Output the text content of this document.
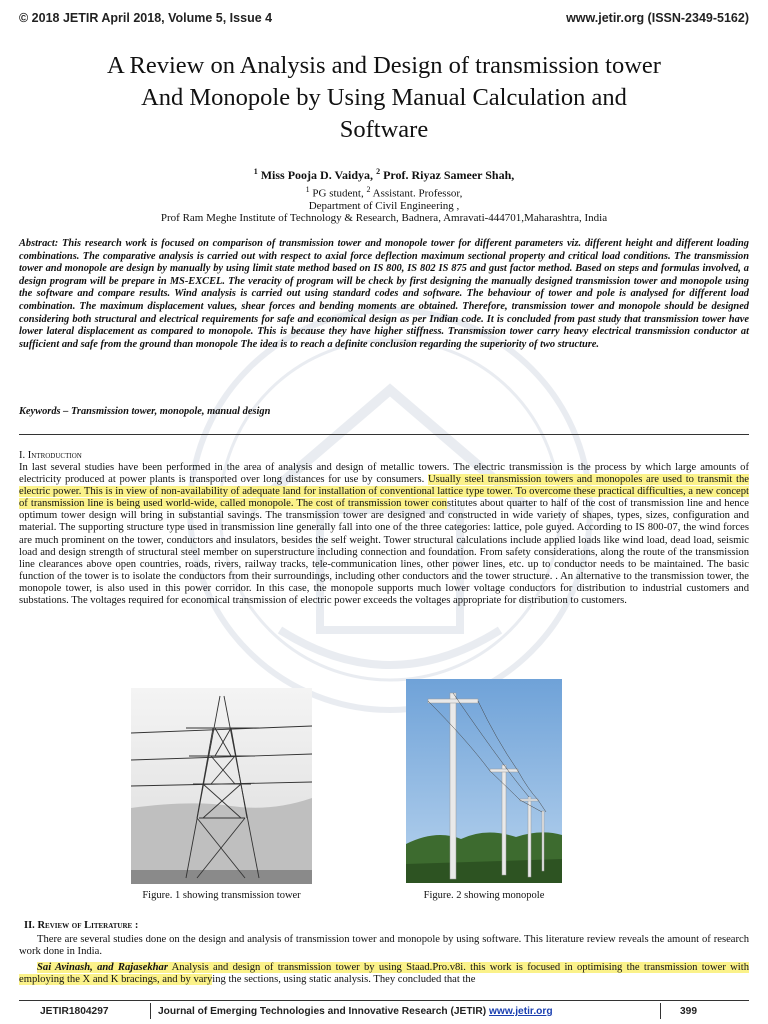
© 2018 JETIR April 2018, Volume 5, Issue 4	www.jetir.org (ISSN-2349-5162)
A Review on Analysis and Design of transmission tower
And Monopole by Using Manual Calculation and
Software
$^1$ Miss Pooja D. Vaidya, $^2$ Prof. Riyaz Sameer Shah,
$^1$ PG student, $^2$ Assistant. Professor,
Department of Civil Engineering ,
Prof Ram Meghe Institute of Technology & Research, Badnera, Amravati-444701,Maharashtra, India
Abstract: This research work is focused on comparison of transmission tower and monopole tower for different parameters viz. different height and different loading combinations. The comparative analysis is carried out with respect to axial force deflection maximum sectional property and critical load conditions. The transmission tower and monopole are design by manually by using limit state method based on IS 800, IS 802 IS 875 and gust factor method. Based on steps and formulas involved, a design program will be prepare in MS-EXCEL. The veracity of program will be check by first designing the manually designed transmission tower and monopole using the software and compare results. Wind analysis is carried out using standard codes and software. The behaviour of tower and pole is analysed for different load combination. The maximum displacement values, shear forces and bending moments are obtained. Therefore, transmission tower and monopole should be designed considering both structural and electrical requirements for safe and economical design as per Indian code. It is concluded from past study that transmission tower have lower lateral displacement as compared to monopole. This is because they have higher stiffness. Transmission tower carry heavy electrical transmission conductor at sufficient and safe from the ground than monopole The idea is to reach a definite conclusion regarding the superiority of two structure.
Keywords – Transmission tower, monopole, manual design
I. Introduction
In last several studies have been performed in the area of analysis and design of metallic towers. The electric transmission is the process by which large amounts of electricity produced at power plants is transported over long distances for use by consumers. Usually steel transmission towers and monopoles are used to transmit the electric power. This is in view of non-availability of adequate land for installation of conventional lattice type tower. To overcome these practical difficulties, a new concept of transmission line is being used world-wide, called monopole. The cost of transmission tower constitutes about quarter to half of the cost of transmission line and hence optimum tower design will bring in substantial savings. The transmission tower are designed and constructed in wide variety of shapes, types, sizes, configuration and material. The supporting structure type used in transmission line generally fall into one of the three categories: lattice, pole guyed. According to IS 800-07, the wind forces are much prominent on the tower, conductors and insulators, besides the self weight. Tower structural calculations include applied loads like wind load, dead load, seismic load and design strength of structural steel member on superstructure including connection and foundation. From safety considerations, along the route of the transmission line clearances above open countries, roads, rivers, railway tracks, tele-communication lines, other power lines, etc. up to conductor needs to be maintained. The basic function of the tower is to isolate the conductors from their surroundings, including other conductors and the tower structure. . An alternative to the transmission tower, the monopole tower, is also used in this power corridor. In this case, the monopole supports much lower voltage conductors for distribution to industrial customers and substations. The voltages required for economical transmission of electric power exceeds the voltages appropriate for distribution to customers.
Figure. 1 showing transmission tower	Figure. 2 showing monopole
II. Review of Literature :
There are several studies done on the design and analysis of transmission tower and monopole by using software. This literature review reveals the amount of research work done in India.
Sai Avinash, and Rajasekhar Analysis and design of transmission tower by using Staad.Pro.v8i. this work is focused in optimising the transmission tower with employing the X and K bracings, and by varying the sections, using static analysis. They concluded that the
JETIR1804297	Journal of Emerging Technologies and Innovative Research (JETIR) www.jetir.org	399
